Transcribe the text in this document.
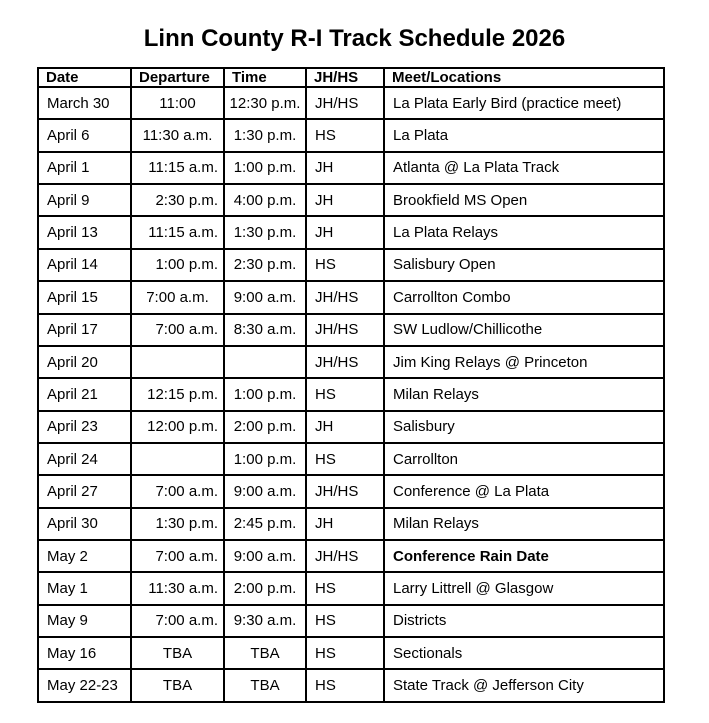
Linn County R-I Track Schedule 2026
Date	Departure	Time	JH/HS	Meet/Locations
March 30	11:00	12:30 p.m.	JH/HS	La Plata Early Bird (practice meet)
April 6	11:30 a.m.	1:30 p.m.	HS	La Plata
April 1	11:15 a.m.	1:00 p.m.	JH	Atlanta @ La Plata Track
April 9	2:30 p.m.	4:00 p.m.	JH	Brookfield MS Open
April 13	11:15 a.m.	1:30 p.m.	JH	La Plata Relays
April 14	1:00 p.m.	2:30 p.m.	HS	Salisbury Open
April 15	7:00 a.m.	9:00 a.m.	JH/HS	Carrollton Combo
April 17	7:00 a.m.	8:30 a.m.	JH/HS	SW Ludlow/Chillicothe
April 20			JH/HS	Jim King Relays @ Princeton
April 21	12:15 p.m.	1:00 p.m.	HS	Milan Relays
April 23	12:00 p.m.	2:00 p.m.	JH	Salisbury
April 24		1:00 p.m.	HS	Carrollton
April 27	7:00 a.m.	9:00 a.m.	JH/HS	Conference @ La Plata
April 30	1:30 p.m.	2:45 p.m.	JH	Milan Relays
May 2	7:00 a.m.	9:00 a.m.	JH/HS	Conference Rain Date
May 1	11:30 a.m.	2:00 p.m.	HS	Larry Littrell @ Glasgow
May 9	7:00 a.m.	9:30 a.m.	HS	Districts
May 16	TBA	TBA	HS	Sectionals
May 22-23	TBA	TBA	HS	State Track @ Jefferson City
